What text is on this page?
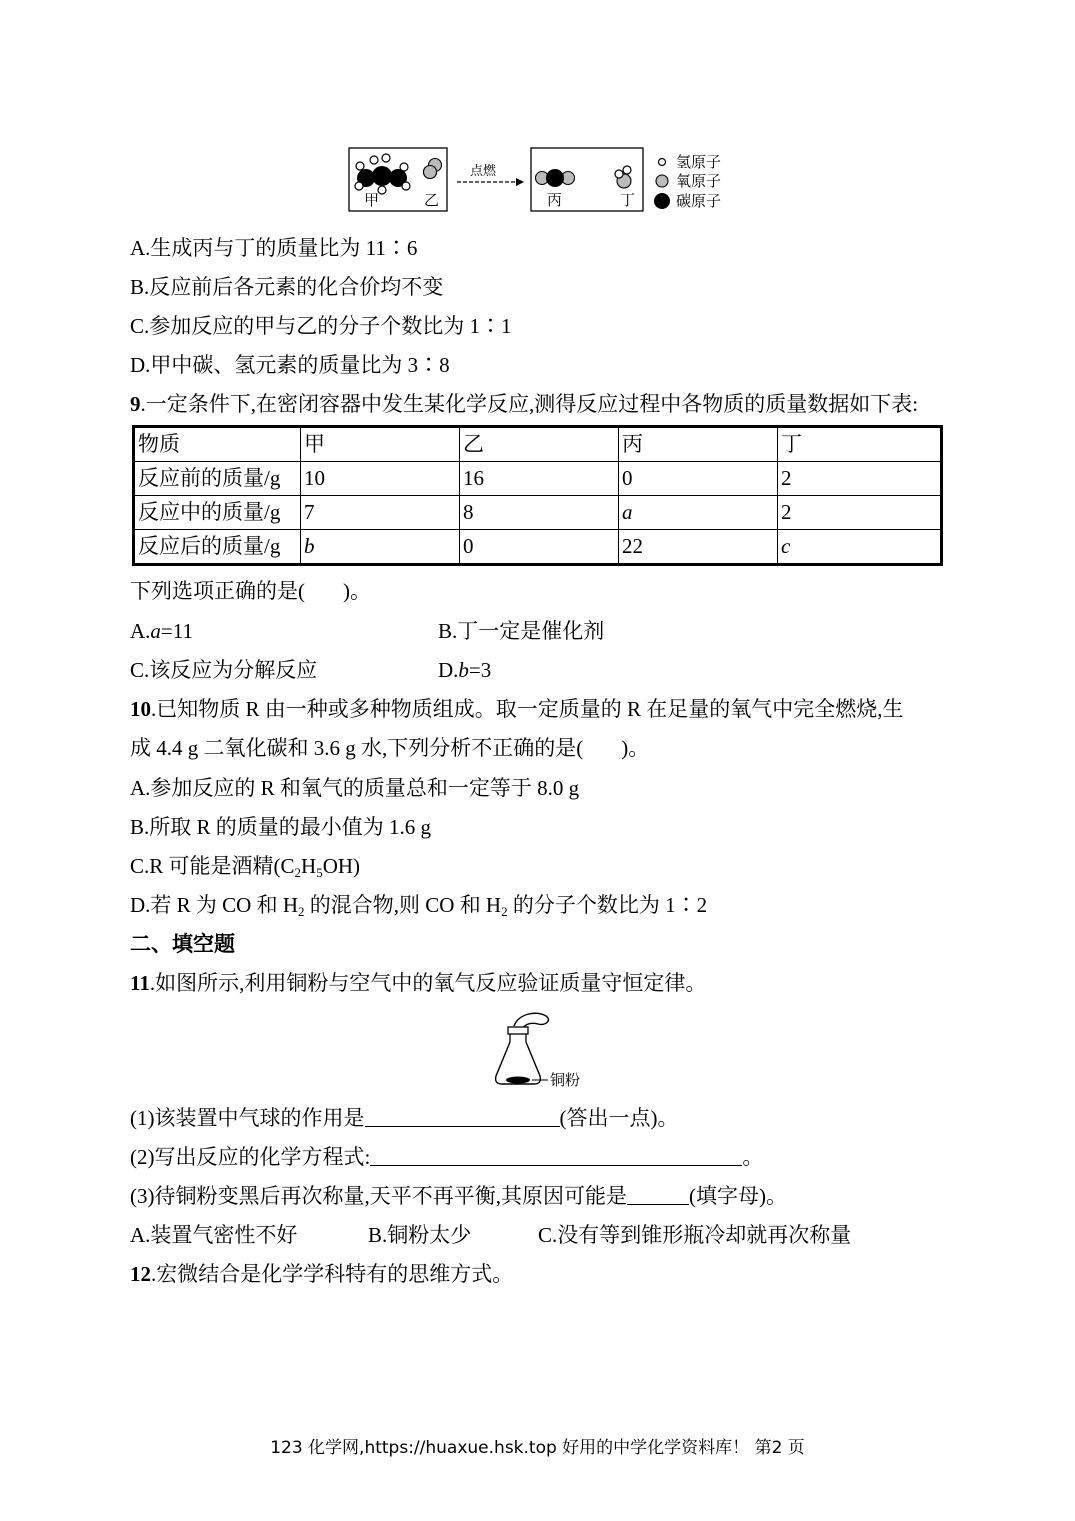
甲	乙
点燃
丙	丁
氢原子
氧原子
碳原子
A.生成丙与丁的质量比为 11∶6
B.反应前后各元素的化合价均不变
C.参加反应的甲与乙的分子个数比为 1∶1
D.甲中碳、氢元素的质量比为 3∶8
9.一定条件下,在密闭容器中发生某化学反应,测得反应过程中各物质的质量数据如下表:
物质	甲	乙	丙	丁
反应前的质量/g	10	16	0	2
反应中的质量/g	7	8	a	2
反应后的质量/g	b	0	22	c
下列选项正确的是( )。
A.a=11	B.丁一定是催化剂
C.该反应为分解反应	D.b=3
10.已知物质 R 由一种或多种物质组成。取一定质量的 R 在足量的氧气中完全燃烧,生
成 4.4 g 二氧化碳和 3.6 g 水,下列分析不正确的是( )。
A.参加反应的 R 和氧气的质量总和一定等于 8.0 g
B.所取 R 的质量的最小值为 1.6 g
C.R 可能是酒精$(C_2H_5OH)$
D.若 R 为 CO 和 $H_2$ 的混合物,则 CO 和 $H_2$ 的分子个数比为 1∶2
二、填空题
11.如图所示,利用铜粉与空气中的氧气反应验证质量守恒定律。
铜粉
(1)该装置中气球的作用是	(答出一点)。
(2)写出反应的化学方程式:	。
(3)待铜粉变黑后再次称量,天平不再平衡,其原因可能是	(填字母)。
A.装置气密性不好	B.铜粉太少	C.没有等到锥形瓶冷却就再次称量
12.宏微结合是化学学科特有的思维方式。
123 化学网,https://huaxue.hsk.top 好用的中学化学资料库！ 第2 页
